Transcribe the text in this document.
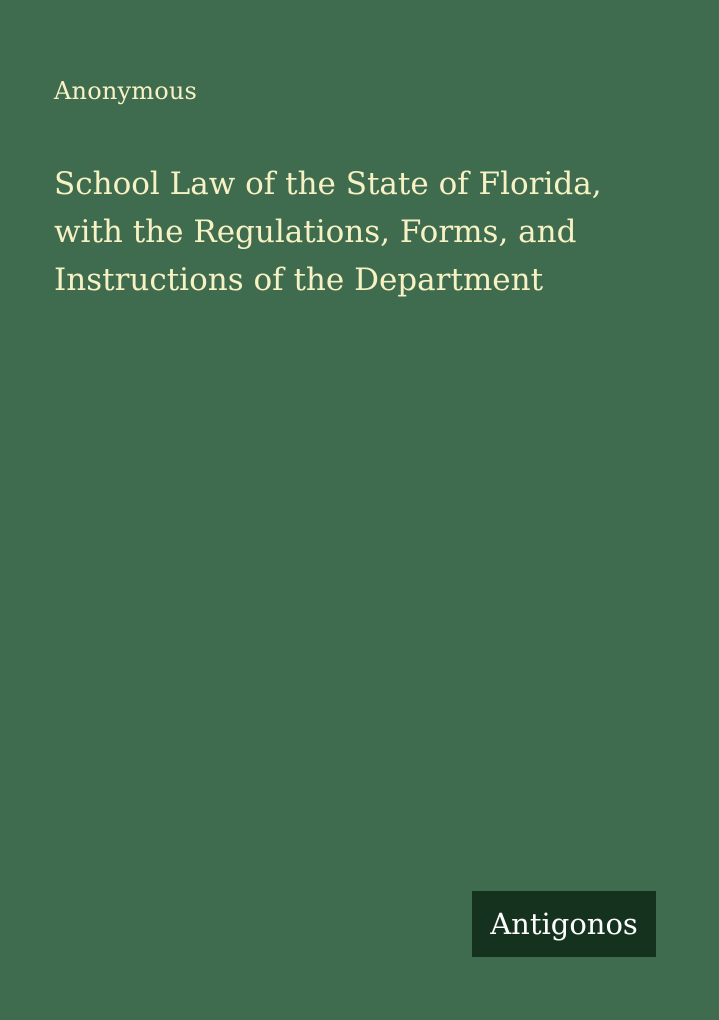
Anonymous

School Law of the State of Florida, with the Regulations, Forms, and Instructions of the Department
Antigonos
